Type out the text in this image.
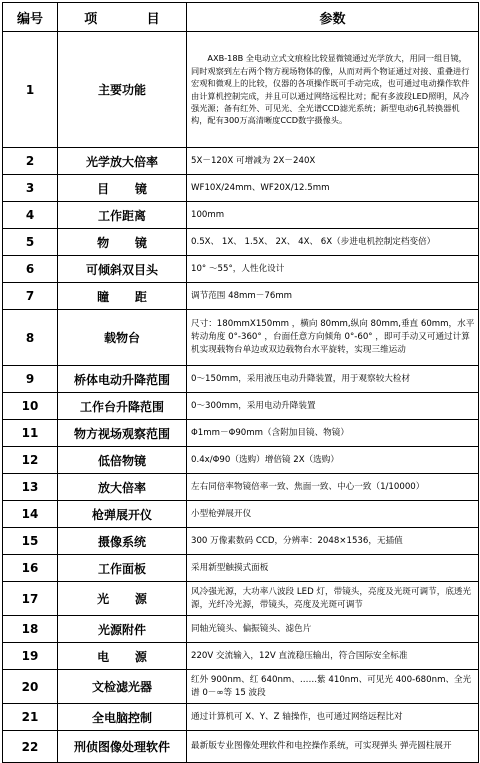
编号	项　目	参数
1	主要功能	AXB-18B 全电动立式文痕检比较显微镜通过光学放大，用同一组目镜，同时观察到左右两个物方视场物体的像，从而对两个物证通过对接、重叠进行宏观和微观上的比较，仪器的各项操作既可手动完成，也可通过电动操作软件由计算机控制完成，并且可以通过网络远程比对；配有多波段LED照明，风冷强光源；备有红外、可见光、全光谱CCD滤光系统；新型电动6孔转换器机构，配有300万高清晰度CCD数字摄像头。
2	光学放大倍率	5X－120X 可增减为 2X－240X
3	目 镜	WF10X/24mm、WF20X/12.5mm
4	工作距离	100mm
5	物 镜	0.5X、 1X、 1.5X、 2X、 4X、 6X（步进电机控制定档变倍）
6	可倾斜双目头	10° ～55°，人性化设计
7	瞳 距	调节范围 48mm－76mm
8	载物台	尺寸：180mmX150mm ，横向 80mm,纵向 80mm,垂直 60mm，水平转动角度 0°-360° ，台面任意方向倾角 0°-60° ，即可手动又可通过计算机实现载物台单边或双边载物台水平旋转，实现三维运动
9	桥体电动升降范围	0～150mm，采用液压电动升降装置，用于观察较大检材
10	工作台升降范围	0～300mm，采用电动升降装置
11	物方视场观察范围	Φ1mm－Φ90mm（含附加目镜、物镜）
12	低倍物镜	0.4x/Φ90（选购）增倍镜 2X（选购）
13	放大倍率	左右同倍率物镜倍率一致、焦面一致、中心一致（1/10000）
14	枪弹展开仪	小型枪弹展开仪
15	摄像系统	300 万像素数码 CCD，分辨率：2048×1536，无插值
16	工作面板	采用新型触摸式面板
17	光 源	风冷强光源，大功率八波段 LED 灯，带镜头，亮度及光斑可调节，底透光源，光纤冷光源，带镜头，亮度及光斑可调节
18	光源附件	同轴光镜头、偏振镜头、滤色片
19	电 源	220V 交流输入，12V 直流稳压输出，符合国际安全标准
20	文检滤光器	红外 900nm、红 640nm、……紫 410nm、可见光 400-680nm、全光谱 0－∞等 15 波段
21	全电脑控制	通过计算机可 X、Y、Z 轴操作，也可通过网络远程比对
22	刑侦图像处理软件	最新版专业图像处理软件和电控操作系统，可实现弹头 弹壳圆柱展开
